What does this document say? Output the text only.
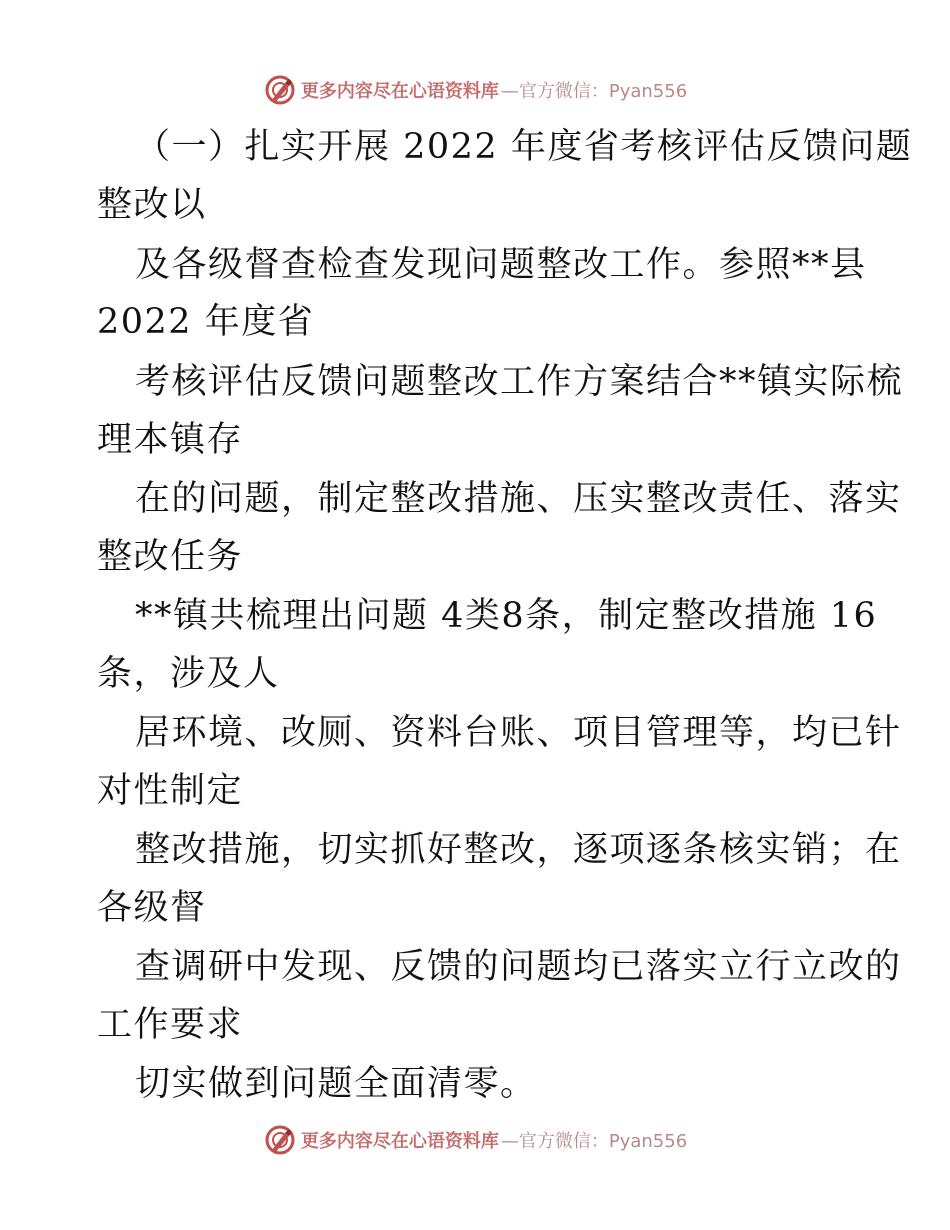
更多内容尽在心语资料库 —官方微信：Pyan556
（一）扎实开展 2022 年度省考核评估反馈问题
整改以
及各级督查检查发现问题整改工作。参照**县
2022 年度省
考核评估反馈问题整改工作方案结合**镇实际梳
理本镇存
在的问题，制定整改措施、压实整改责任、落实
整改任务
**镇共梳理出问题 4类8条，制定整改措施 16
条，涉及人
居环境、改厕、资料台账、项目管理等，均已针
对性制定
整改措施，切实抓好整改，逐项逐条核实销；在
各级督
查调研中发现、反馈的问题均已落实立行立改的
工作要求
切实做到问题全面清零。
更多内容尽在心语资料库 —官方微信：Pyan556
